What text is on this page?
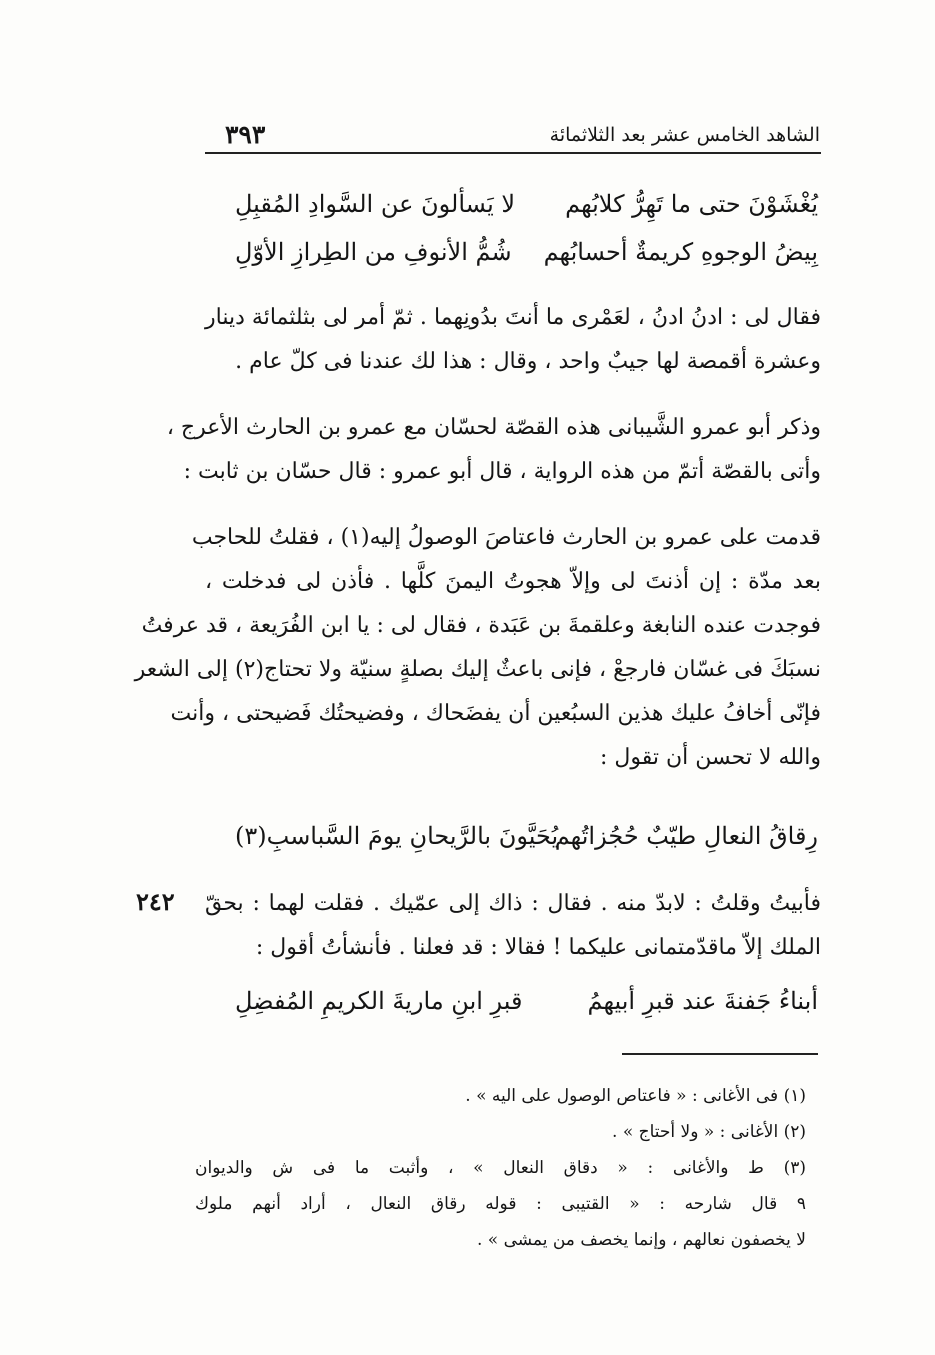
الشاهد الخامس عشر بعد الثلاثمائة
٣٩٣
يُغْشَوْنَ حتى ما تَهِرُّ كلابُهم
لا يَسألونَ عن السَّوادِ المُقبِلِ
بِيضُ الوجوهِ كريمةٌ أحسابُهم
شُمُّ الأنوفِ من الطِرازِ الأوّلِ
فقال لى : ادنُ ادنُ ، لعَمْرى ما أنتَ بدُونِهما . ثمّ أمر لى بثلثمائة دينار
وعشرة أقمصة لها جيبٌ واحد ، وقال : هذا لك عندنا فى كلّ عام .
وذكر أبو عمرو الشَّيبانى هذه القصّة لحسّان مع عمرو بن الحارث الأعرج ،
وأتى بالقصّة أتمّ من هذه الرواية ، قال أبو عمرو : قال حسّان بن ثابت :
قدمت على عمرو بن الحارث فاعتاصَ الوصولُ إليه(١) ، فقلتُ للحاجب
بعد مدّة : إن أذنتَ لى وإلاّ هجوتُ اليمنَ كلَّها . فأذن لى فدخلت ،
فوجدت عنده النابغة وعلقمةَ بن عَبَدة ، فقال لى : يا ابن الفُرَيعة ، قد عرفتُ
نسبَكَ فى غسّان فارجعْ ، فإنى باعثٌ إليك بصلةٍ سنيّة ولا تحتاج(٢) إلى الشعر
فإنّى أخافُ عليك هذين السبُعين أن يفضَحاك ، وفضيحتُك فَضيحتى ، وأنت
والله لا تحسن أن تقول :
رِقاقُ النعالِ طيّبٌ حُجُزاتُهم
يُحَيَّونَ بالرَّيحانِ يومَ السَّباسبِ(٣)
فأبيتُ وقلتُ : لابدّ منه . فقال : ذاك إلى عمّيك . فقلت لهما : بحقّ
الملك إلاّ ماقدّمتمانى عليكما ! فقالا : قد فعلنا . فأنشأتُ أقول :
٢٤٢
أبناءُ جَفنةَ عند قبرِ أبيهمُ
قبرِ ابنِ ماريةَ الكريمِ المُفضِلِ
(١) فى الأغانى : « فاعتاص الوصول على اليه » .
(٢) الأغانى : « ولا أحتاج » .
(٣) ط والأغانى : « دقاق النعال » ، وأثبت ما فى ش والديوان
٩ قال شارحه : « القتيبى : قوله رقاق النعال ، أراد أنهم ملوك
لا يخصفون نعالهم ، وإنما يخصف من يمشى » .
